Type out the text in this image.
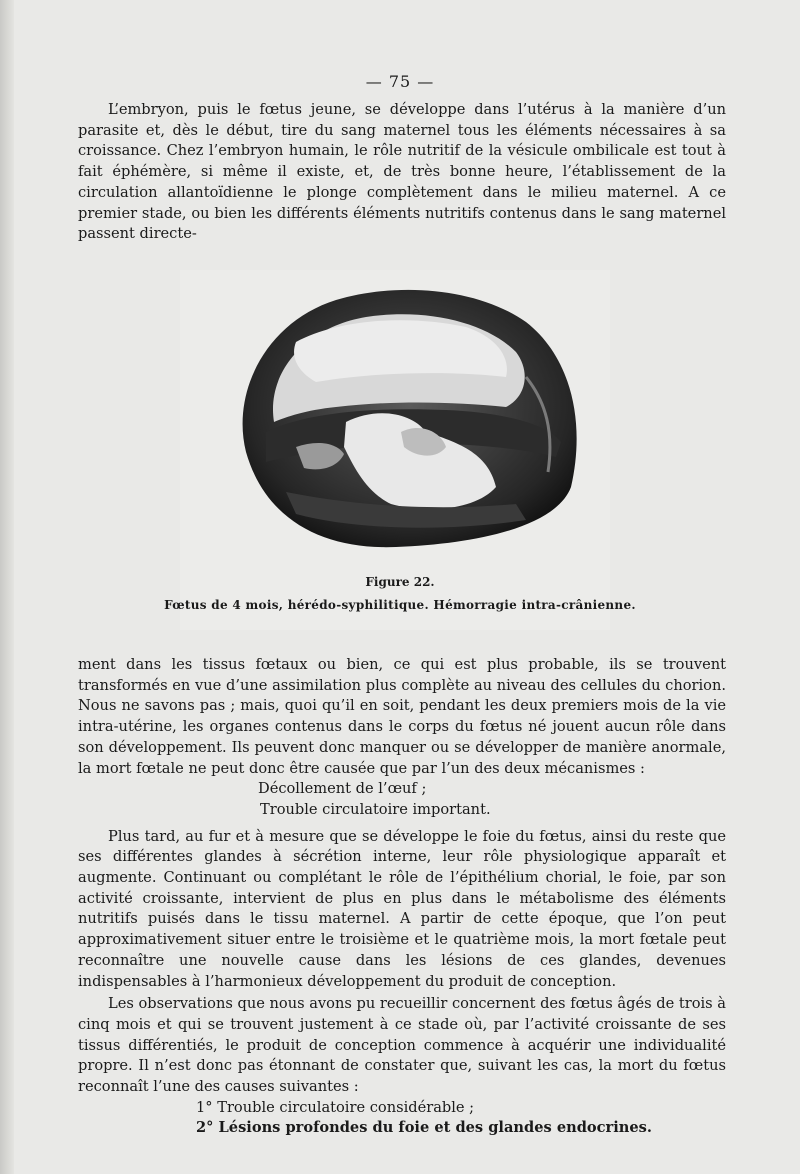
— 75 —

L’embryon, puis le fœtus jeune, se développe dans l’utérus à la manière d’un parasite et, dès le début, tire du sang maternel tous les éléments nécessaires à sa croissance. Chez l’embryon humain, le rôle nutritif de la vésicule ombilicale est tout à fait éphémère, si même il existe, et, de très bonne heure, l’établissement de la circulation allantoïdienne le plonge complètement dans le milieu maternel. A ce premier stade, ou bien les différents éléments nutritifs contenus dans le sang maternel passent directe-

Figure 22.
Fœtus de 4 mois, hérédo-syphilitique. Hémorragie intra-crânienne.

ment dans les tissus fœtaux ou bien, ce qui est plus probable, ils se trouvent transformés en vue d’une assimilation plus complète au niveau des cellules du chorion. Nous ne savons pas ; mais, quoi qu’il en soit, pendant les deux premiers mois de la vie intra-utérine, les organes contenus dans le corps du fœtus né jouent aucun rôle dans son développement. Ils peuvent donc manquer ou se développer de manière anormale, la mort fœtale ne peut donc être causée que par l’un des deux mécanismes :

Décollement de l’œuf ;
Trouble circulatoire important.

Plus tard, au fur et à mesure que se développe le foie du fœtus, ainsi du reste que ses différentes glandes à sécrétion interne, leur rôle physiologique apparaît et augmente. Continuant ou complétant le rôle de l’épithélium chorial, le foie, par son activité croissante, intervient de plus en plus dans le métabolisme des éléments nutritifs puisés dans le tissu maternel. A partir de cette époque, que l’on peut approximativement situer entre le troisième et le quatrième mois, la mort fœtale peut reconnaître une nouvelle cause dans les lésions de ces glandes, devenues indispensables à l’harmonieux développement du produit de conception.

Les observations que nous avons pu recueillir concernent des fœtus âgés de trois à cinq mois et qui se trouvent justement à ce stade où, par l’activité croissante de ses tissus différentiés, le produit de conception commence à acquérir une individualité propre. Il n’est donc pas étonnant de constater que, suivant les cas, la mort du fœtus reconnaît l’une des causes suivantes :

1° Trouble circulatoire considérable ;
2° Lésions profondes du foie et des glandes endocrines.
